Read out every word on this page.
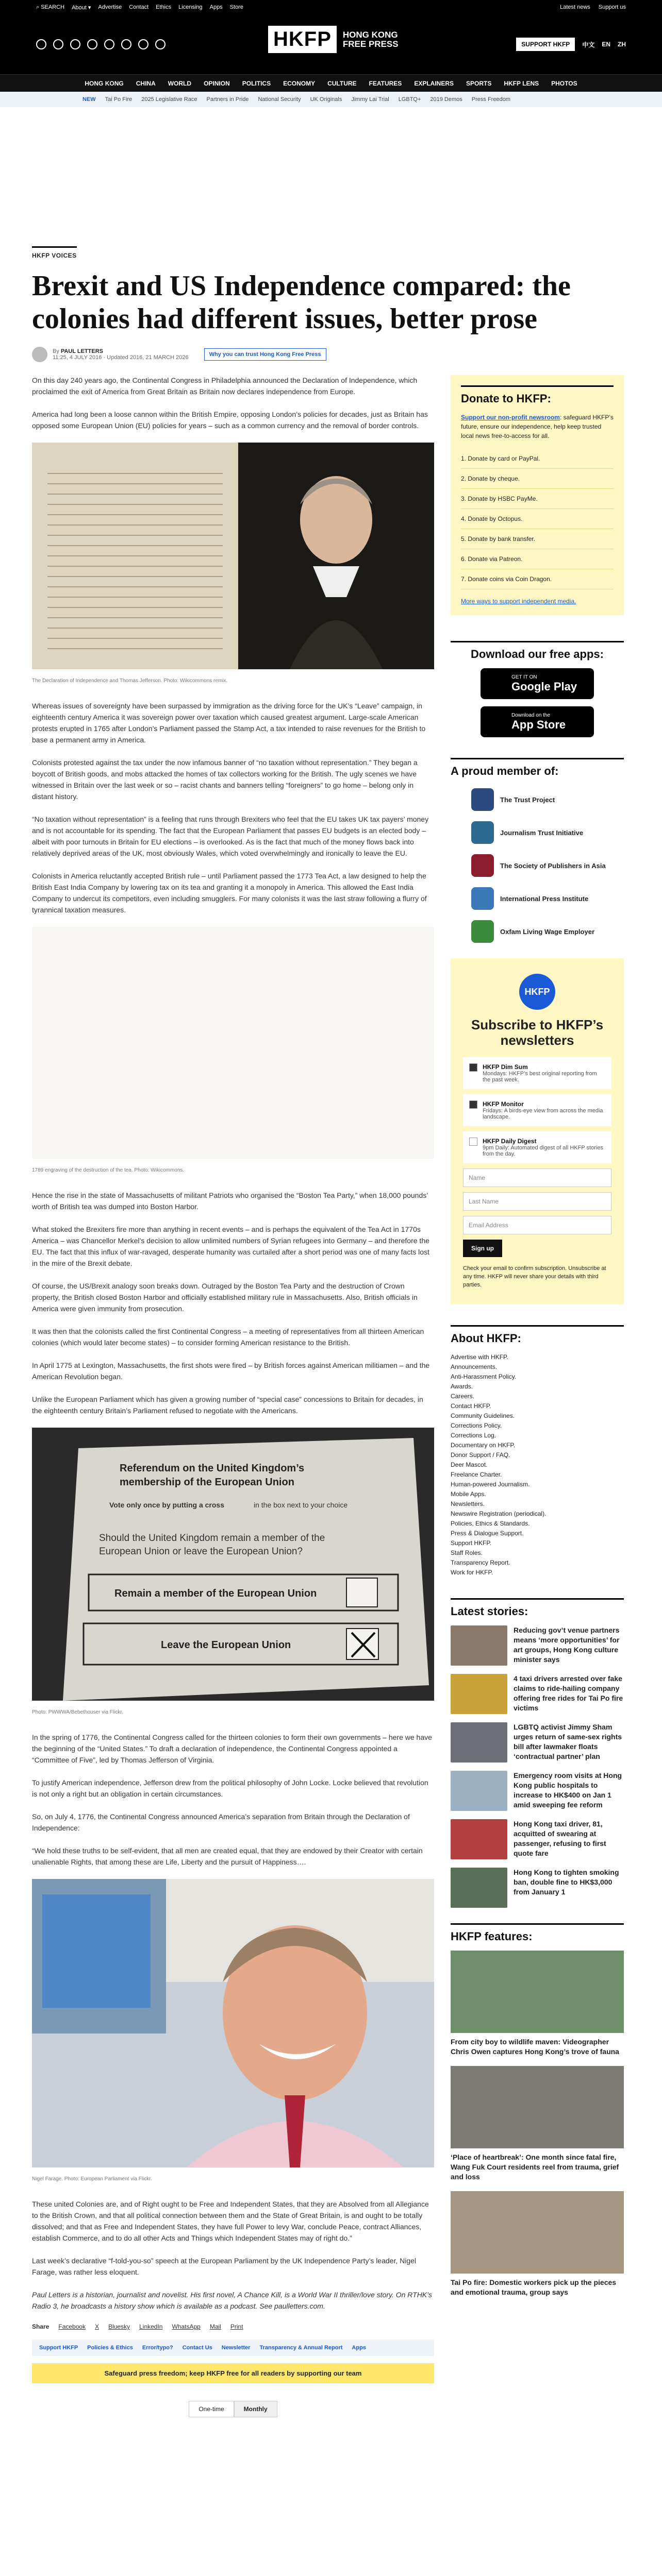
⌕ SEARCH About ▾ Advertise Contact Ethics Licensing Apps Store	Latest news Support us
HKFP	HONG KONG
FREE PRESS	SUPPORT HKFP	中文 EN ZH
HONG KONG CHINA WORLD OPINION POLITICS ECONOMY CULTURE FEATURES EXPLAINERS SPORTS HKFP LENS PHOTOS
NEW Tai Po Fire 2025 Legislative Race Partners in Pride National Security UK Originals Jimmy Lai Trial LGBTQ+ 2019 Demos Press Freedom
HKFP VOICES
Brexit and US Independence compared: the colonies had different issues, better prose
By PAUL LETTERS
11:25, 4 JULY 2016 · Updated 2016, 21 MARCH 2026	Why you can trust Hong Kong Free Press

On this day 240 years ago, the Continental Congress in Philadelphia announced the Declaration of Independence, which proclaimed the exit of America from Great Britain as Britain now declares independence from Europe.

America had long been a loose cannon within the British Empire, opposing London’s policies for decades, just as Britain has opposed some European Union (EU) policies for years – such as a common currency and the removal of border controls.

The Declaration of Independence and Thomas Jefferson. Photo: Wikicommons remix.

Whereas issues of sovereignty have been surpassed by immigration as the driving force for the UK’s “Leave” campaign, in eighteenth century America it was sovereign power over taxation which caused greatest argument. Large-scale American protests erupted in 1765 after London’s Parliament passed the Stamp Act, a tax intended to raise revenues for the British to base a permanent army in America.

Colonists protested against the tax under the now infamous banner of “no taxation without representation.” They began a boycott of British goods, and mobs attacked the homes of tax collectors working for the British. The ugly scenes we have witnessed in Britain over the last week or so – racist chants and banners telling “foreigners” to go home – belong only in distant history.

“No taxation without representation” is a feeling that runs through Brexiters who feel that the EU takes UK tax payers’ money and is not accountable for its spending. The fact that the European Parliament that passes EU budgets is an elected body – albeit with poor turnouts in Britain for EU elections – is overlooked. As is the fact that much of the money flows back into relatively deprived areas of the UK, most obviously Wales, which voted overwhelmingly and ironically to leave the EU.

Colonists in America reluctantly accepted British rule – until Parliament passed the 1773 Tea Act, a law designed to help the British East India Company by lowering tax on its tea and granting it a monopoly in America. This allowed the East India Company to undercut its competitors, even including smugglers. For many colonists it was the last straw following a flurry of tyrannical taxation measures.

1789 engraving of the destruction of the tea. Photo: Wikicommons.

Hence the rise in the state of Massachusetts of militant Patriots who organised the “Boston Tea Party,” when 18,000 pounds’ worth of British tea was dumped into Boston Harbor.

What stoked the Brexiters fire more than anything in recent events – and is perhaps the equivalent of the Tea Act in 1770s America – was Chancellor Merkel’s decision to allow unlimited numbers of Syrian refugees into Germany – and therefore the EU. The fact that this influx of war-ravaged, desperate humanity was curtailed after a short period was one of many facts lost in the mire of the Brexit debate.

Of course, the US/Brexit analogy soon breaks down. Outraged by the Boston Tea Party and the destruction of Crown property, the British closed Boston Harbor and officially established military rule in Massachusetts. Also, British officials in America were given immunity from prosecution.

It was then that the colonists called the first Continental Congress – a meeting of representatives from all thirteen American colonies (which would later become states) – to consider forming American resistance to the British.

In April 1775 at Lexington, Massachusetts, the first shots were fired – by British forces against American militiamen – and the American Revolution began.

Unlike the European Parliament which has given a growing number of “special case” concessions to Britain for decades, in the eighteenth century Britain’s Parliament refused to negotiate with the Americans.

Referendum on the United Kingdom’s
membership of the European Union
Vote only once by putting a cross	in the box next to your choice
Should the United Kingdom remain a member of the
European Union or leave the European Union?
Remain a member of the European Union
Leave the European Union
Photo: PWWWA/Bebethouser via Flickr.

In the spring of 1776, the Continental Congress called for the thirteen colonies to form their own governments – here we have the beginning of the “United States.” To draft a declaration of independence, the Continental Congress appointed a “Committee of Five”, led by Thomas Jefferson of Virginia.

To justify American independence, Jefferson drew from the political philosophy of John Locke. Locke believed that revolution is not only a right but an obligation in certain circumstances.

So, on July 4, 1776, the Continental Congress announced America’s separation from Britain through the Declaration of Independence:

“We hold these truths to be self-evident, that all men are created equal, that they are endowed by their Creator with certain unalienable Rights, that among these are Life, Liberty and the pursuit of Happiness….

Nigel Farage. Photo: European Parliament via Flickr.

These united Colonies are, and of Right ought to be Free and Independent States, that they are Absolved from all Allegiance to the British Crown, and that all political connection between them and the State of Great Britain, is and ought to be totally dissolved; and that as Free and Independent States, they have full Power to levy War, conclude Peace, contract Alliances, establish Commerce, and to do all other Acts and Things which Independent States may of right do.”

Last week’s declarative “f-told-you-so” speech at the European Parliament by the UK Independence Party’s leader, Nigel Farage, was rather less eloquent.

Paul Letters is a historian, journalist and novelist. His first novel, A Chance Kill, is a World War II thriller/love story. On RTHK’s Radio 3, he broadcasts a history show which is available as a podcast. See paulletters.com.

Share Facebook X Bluesky LinkedIn WhatsApp Mail Print
Support HKFP Policies & Ethics Error/typo? Contact Us Newsletter Transparency & Annual Report Apps
Safeguard press freedom; keep HKFP free for all readers by supporting our team
One-time	Monthly
Donate to HKFP:
Support our non-profit newsroom: safeguard HKFP’s future, ensure our independence, help keep trusted local news free-to-access for all.
1. Donate by card or PayPal.
2. Donate by cheque.
3. Donate by HSBC PayMe.
4. Donate by Octopus.
5. Donate by bank transfer.
6. Donate via Patreon.
7. Donate coins via Coin Dragon.
More ways to support independent media.
Download our free apps:
GET IT ON
Google Play
Download on the
App Store
A proud member of:
The Trust Project
Journalism Trust Initiative
The Society of Publishers in Asia
International Press Institute
Oxfam Living Wage Employer
HKFP
Subscribe to HKFP’s newsletters
HKFP Dim Sum
Mondays: HKFP’s best original reporting from the past week.
HKFP Monitor
Fridays: A birds-eye view from across the media landscape.
HKFP Daily Digest
9pm Daily: Automated digest of all HKFP stories from the day.
Name
Last Name
Email Address
Sign up
Check your email to confirm subscription. Unsubscribe at any time. HKFP will never share your details with third parties.
About HKFP:
Advertise with HKFP.
Announcements.
Anti-Harassment Policy.
Awards.
Careers.
Contact HKFP.
Community Guidelines.
Corrections Policy.
Corrections Log.
Documentary on HKFP.
Donor Support / FAQ.
Deer Mascot.
Freelance Charter.
Human-powered Journalism.
Mobile Apps.
Newsletters.
Newswire Registration (periodical).
Policies, Ethics & Standards.
Press & Dialogue Support.
Support HKFP.
Staff Roles.
Transparency Report.
Work for HKFP.
Latest stories:
Reducing gov’t venue partners means ‘more opportunities’ for art groups, Hong Kong culture minister says
4 taxi drivers arrested over fake claims to ride-hailing company offering free rides for Tai Po fire victims
LGBTQ activist Jimmy Sham urges return of same-sex rights bill after lawmaker floats ‘contractual partner’ plan
Emergency room visits at Hong Kong public hospitals to increase to HK$400 on Jan 1 amid sweeping fee reform
Hong Kong taxi driver, 81, acquitted of swearing at passenger, refusing to first quote fare
Hong Kong to tighten smoking ban, double fine to HK$3,000 from January 1
HKFP features:
From city boy to wildlife maven: Videographer Chris Owen captures Hong Kong’s trove of fauna
‘Place of heartbreak’: One month since fatal fire, Wang Fuk Court residents reel from trauma, grief and loss
Tai Po fire: Domestic workers pick up the pieces and emotional trauma, group says
